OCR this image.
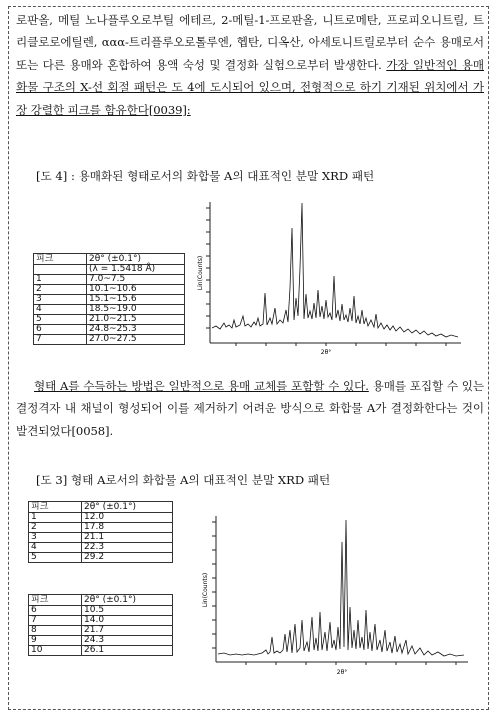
로판올, 메틸 노나플루오로부틸 에테르, 2-메틸-1-프로판올, 니트로메탄, 프로피오니트릴, 트리클로로에틸렌, ααα-트리플루오로톨루엔, 헵탄, 디옥산, 아세토니트릴로부터 순수 용매로서 또는 다른 용매와 혼합하여 용액 숙성 및 결정화 실험으로부터 발생한다. 가장 일반적인 용매화물 구조의 X-선 회절 패턴은 도 4에 도시되어 있으며, 전형적으로 하기 기재된 위치에서 가장 강렬한 피크를 함유한다[0039]:
[도 4] : 용매화된 형태로서의 화합물 A의 대표적인 분말 XRD 패턴
피크	2θ° (±0.1°)
	(λ = 1.5418 Å)
1	7.0~7.5
2	10.1~10.6
3	15.1~15.6
4	18.5~19.0
5	21.0~21.5
6	24.8~25.3
7	27.0~27.5
Lin(Counts)
2θ°
형태 A를 수득하는 방법은 일반적으로 용매 교체를 포함할 수 있다. 용매를 포집할 수 있는 결정격자 내 채널이 형성되어 이를 제거하기 어려운 방식으로 화합물 A가 결정화한다는 것이 발견되었다[0058].
[도 3] 형태 A로서의 화합물 A의 대표적인 분말 XRD 패턴
피크	2θ° (±0.1°)
1	12.0
2	17.8
3	21.1
4	22.3
5	29.2
피크	2θ° (±0.1°)
6	10.5
7	14.0
8	21.7
9	24.3
10	26.1
Lin(Counts)
2θ°
